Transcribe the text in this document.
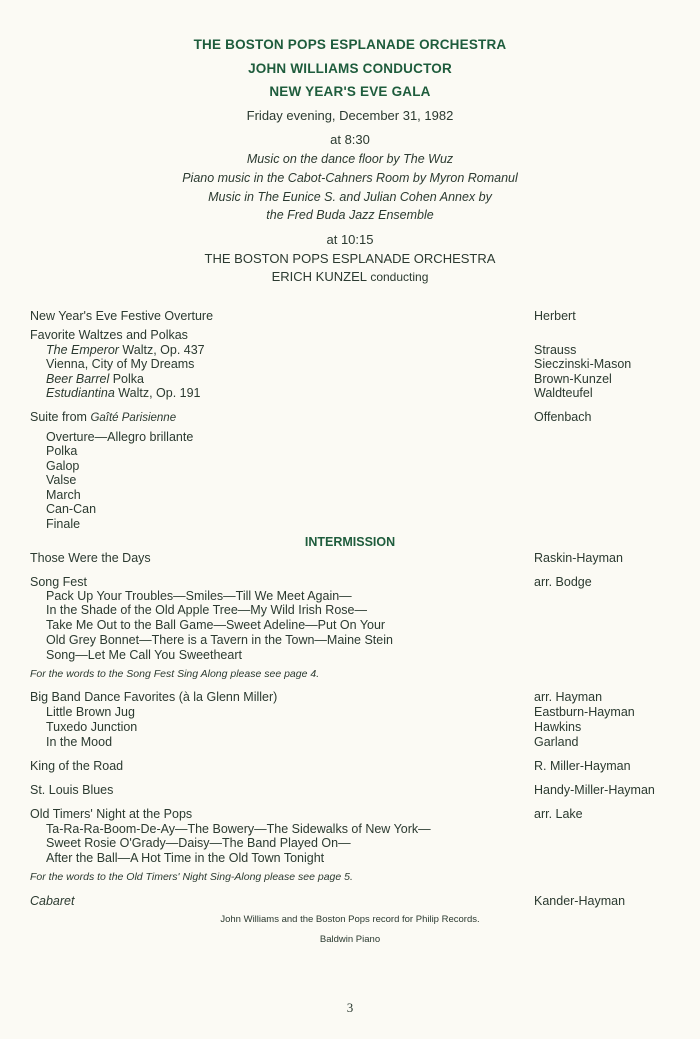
THE BOSTON POPS ESPLANADE ORCHESTRA
JOHN WILLIAMS CONDUCTOR
NEW YEAR'S EVE GALA
Friday evening, December 31, 1982
at 8:30
Music on the dance floor by The Wuz
Piano music in the Cabot-Cahners Room by Myron Romanul
Music in The Eunice S. and Julian Cohen Annex by
the Fred Buda Jazz Ensemble
at 10:15
THE BOSTON POPS ESPLANADE ORCHESTRA
ERICH KUNZEL conducting
New Year's Eve Festive Overture	Herbert
Favorite Waltzes and Polkas
The Emperor Waltz, Op. 437	Strauss
Vienna, City of My Dreams	Sieczinski-Mason
Beer Barrel Polka	Brown-Kunzel
Estudiantina Waltz, Op. 191	Waldteufel
Suite from Gaîté Parisienne	Offenbach
Overture—Allegro brillante
Polka
Galop
Valse
March
Can-Can
Finale
INTERMISSION
Those Were the Days	Raskin-Hayman
Song Fest	arr. Bodge
Pack Up Your Troubles—Smiles—Till We Meet Again—
In the Shade of the Old Apple Tree—My Wild Irish Rose—
Take Me Out to the Ball Game—Sweet Adeline—Put On Your
Old Grey Bonnet—There is a Tavern in the Town—Maine Stein
Song—Let Me Call You Sweetheart
For the words to the Song Fest Sing Along please see page 4.
Big Band Dance Favorites (à la Glenn Miller)	arr. Hayman
Little Brown Jug	Eastburn-Hayman
Tuxedo Junction	Hawkins
In the Mood	Garland
King of the Road	R. Miller-Hayman
St. Louis Blues	Handy-Miller-Hayman
Old Timers' Night at the Pops	arr. Lake
Ta-Ra-Ra-Boom-De-Ay—The Bowery—The Sidewalks of New York—
Sweet Rosie O'Grady—Daisy—The Band Played On—
After the Ball—A Hot Time in the Old Town Tonight
For the words to the Old Timers' Night Sing-Along please see page 5.
Cabaret	Kander-Hayman
John Williams and the Boston Pops record for Philip Records.
Baldwin Piano
3
